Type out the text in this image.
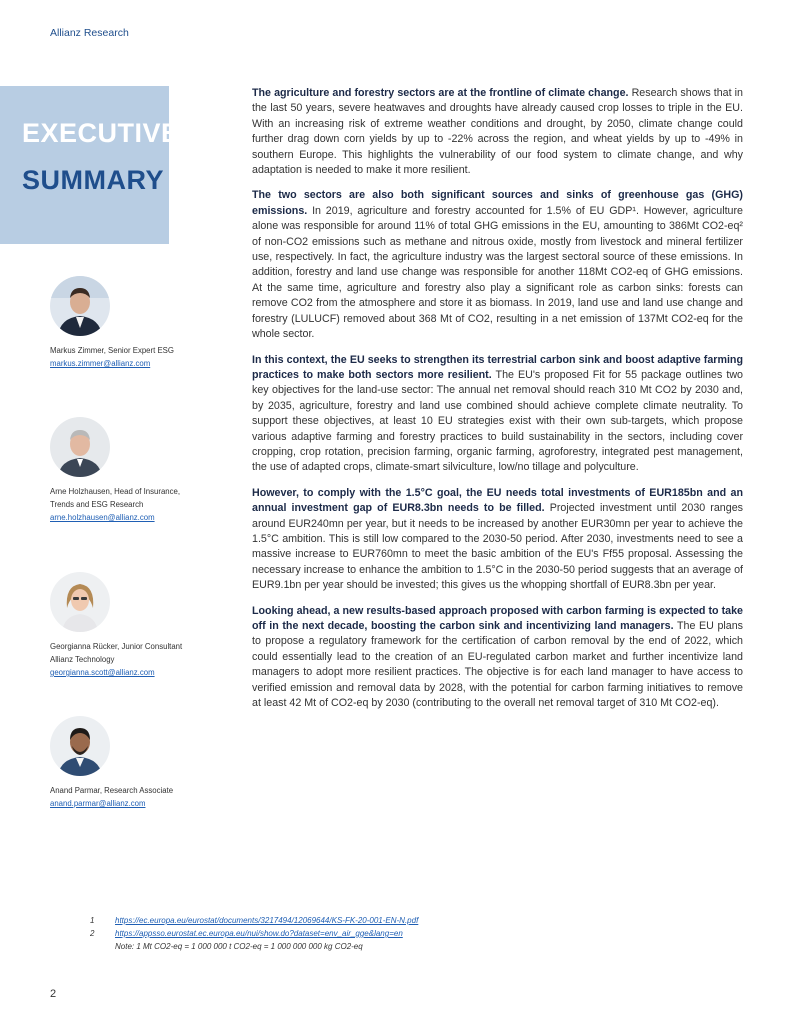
Allianz Research
EXECUTIVE
SUMMARY
Markus Zimmer, Senior Expert ESG
markus.zimmer@allianz.com
Arne Holzhausen, Head of Insurance,
Trends and ESG Research
arne.holzhausen@allianz.com
Georgianna Rücker, Junior Consultant
Allianz Technology
georgianna.scott@allianz.com
Anand Parmar, Research Associate
anand.parmar@allianz.com

The agriculture and forestry sectors are at the frontline of climate change. Research shows that in the last 50 years, severe heatwaves and droughts have already caused crop losses to triple in the EU. With an increasing risk of extreme weather conditions and drought, by 2050, climate change could further drag down corn yields by up to -22% across the region, and wheat yields by up to -49% in southern Europe. This highlights the vulnerability of our food system to climate change, and why adaptation is needed to make it more resilient.

The two sectors are also both significant sources and sinks of greenhouse gas (GHG) emissions. In 2019, agriculture and forestry accounted for 1.5% of EU GDP¹. However, agriculture alone was responsible for around 11% of total GHG emissions in the EU, amounting to 386Mt CO2-eq² of non-CO2 emissions such as methane and nitrous oxide, mostly from livestock and mineral fertilizer use, respectively. In fact, the agriculture industry was the largest sectoral source of these emissions. In addition, forestry and land use change was responsible for another 118Mt CO2-eq of GHG emissions. At the same time, agriculture and forestry also play a significant role as carbon sinks: forests can remove CO2 from the atmosphere and store it as biomass. In 2019, land use and land use change and forestry (LULUCF) removed about 368 Mt of CO2, resulting in a net emission of 137Mt CO2-eq for the whole sector.

In this context, the EU seeks to strengthen its terrestrial carbon sink and boost adaptive farming practices to make both sectors more resilient. The EU's proposed Fit for 55 package outlines two key objectives for the land-use sector: The annual net removal should reach 310 Mt CO2 by 2030 and, by 2035, agriculture, forestry and land use combined should achieve complete climate neutrality. To support these objectives, at least 10 EU strategies exist with their own sub-targets, which propose various adaptive farming and forestry practices to build sustainability in the sectors, including cover cropping, crop rotation, precision farming, organic farming, agroforestry, integrated pest management, the use of adapted crops, climate-smart silviculture, low/no tillage and polyculture.

However, to comply with the 1.5°C goal, the EU needs total investments of EUR185bn and an annual investment gap of EUR8.3bn needs to be filled. Projected investment until 2030 ranges around EUR240mn per year, but it needs to be increased by another EUR30mn per year to achieve the 1.5°C ambition. This is still low compared to the 2030-50 period. After 2030, investments need to see a massive increase to EUR760mn to meet the basic ambition of the EU's Ff55 proposal. Assessing the necessary increase to enhance the ambition to 1.5°C in the 2030-50 period suggests that an average of EUR9.1bn per year should be invested; this gives us the whopping shortfall of EUR8.3bn per year.

Looking ahead, a new results-based approach proposed with carbon farming is expected to take off in the next decade, boosting the carbon sink and incentivizing land managers. The EU plans to propose a regulatory framework for the certification of carbon removal by the end of 2022, which could essentially lead to the creation of an EU-regulated carbon market and further incentivize land managers to adopt more resilient practices. The objective is for each land manager to have access to verified emission and removal data by 2028, with the potential for carbon farming initiatives to remove at least 42 Mt of CO2-eq by 2030 (contributing to the overall net removal target of 310 Mt CO2-eq).

1	https://ec.europa.eu/eurostat/documents/3217494/12069644/KS-FK-20-001-EN-N.pdf
2	https://appsso.eurostat.ec.europa.eu/nui/show.do?dataset=env_air_gge&lang=en
Note: 1 Mt CO2-eq = 1 000 000 t CO2-eq = 1 000 000 000 kg CO2-eq
2
